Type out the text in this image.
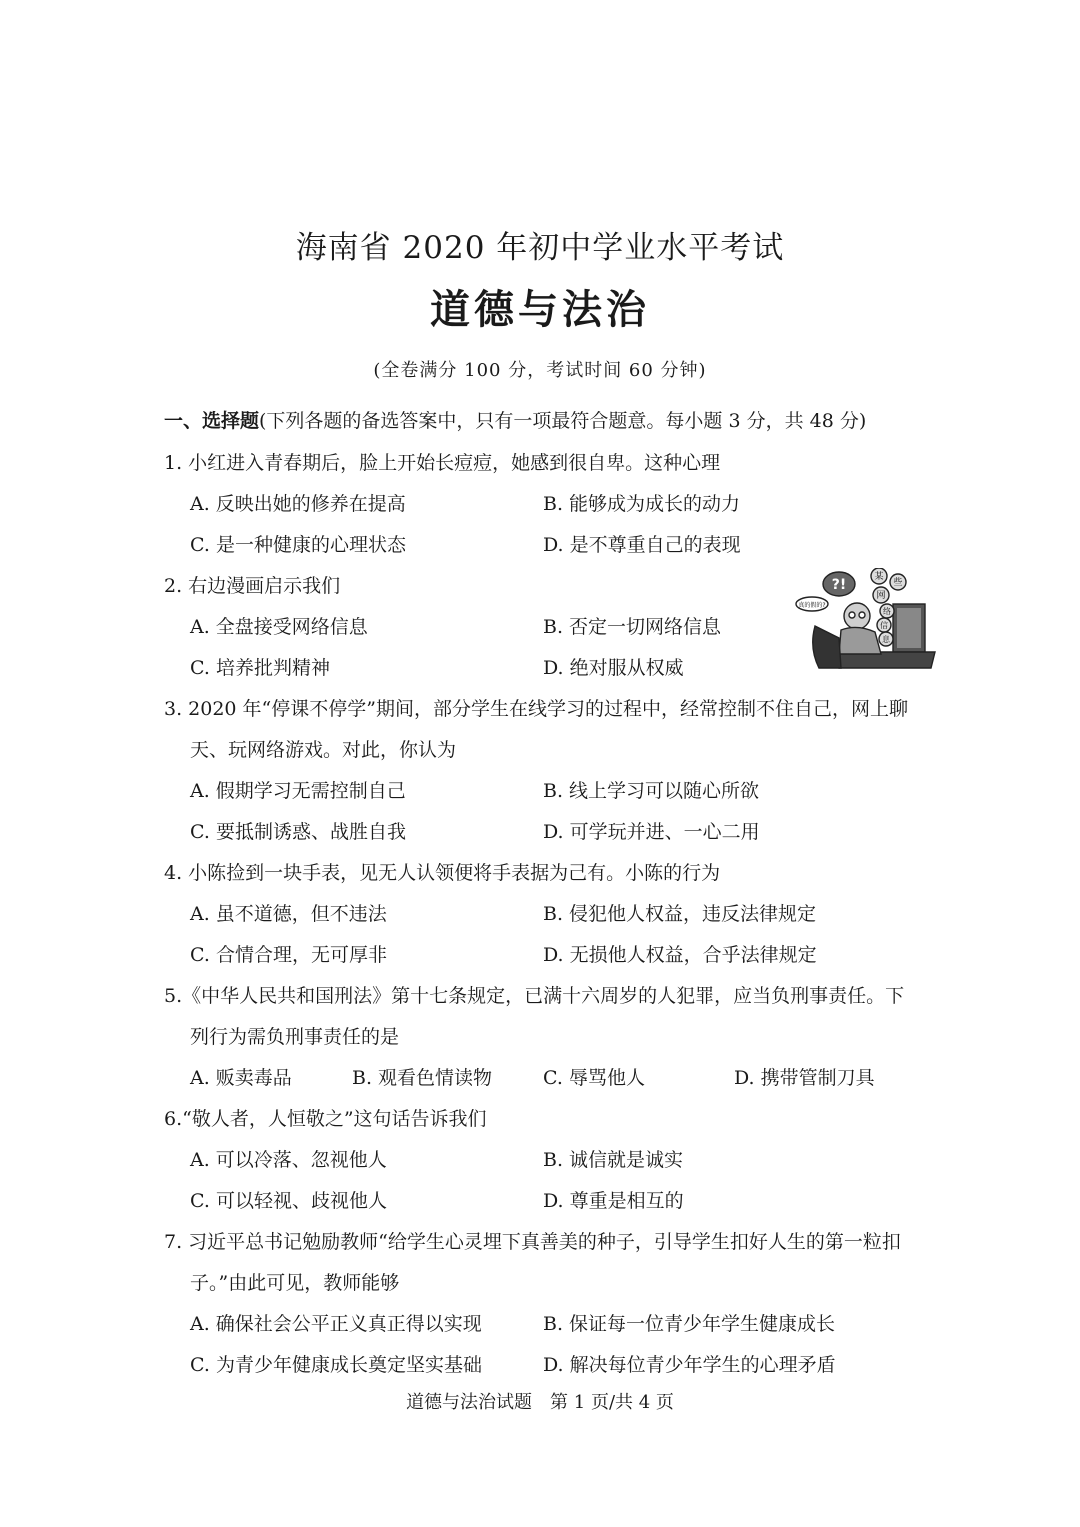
海南省 2020 年初中学业水平考试
道德与法治
(全卷满分 100 分，考试时间 60 分钟)
一、选择题(下列各题的备选答案中，只有一项最符合题意。每小题 3 分，共 48 分)
1. 小红进入青春期后，脸上开始长痘痘，她感到很自卑。这种心理
A. 反映出她的修养在提高	B. 能够成为成长的动力
C. 是一种健康的心理状态	D. 是不尊重自己的表现
2. 右边漫画启示我们
A. 全盘接受网络信息	B. 否定一切网络信息
C. 培养批判精神	D. 绝对服从权威
?!
真的假的?
某
些
网
络
信
息
3. 2020 年“停课不停学”期间，部分学生在线学习的过程中，经常控制不住自己，网上聊
天、玩网络游戏。对此，你认为
A. 假期学习无需控制自己	B. 线上学习可以随心所欲
C. 要抵制诱惑、战胜自我	D. 可学玩并进、一心二用
4. 小陈捡到一块手表，见无人认领便将手表据为己有。小陈的行为
A. 虽不道德，但不违法	B. 侵犯他人权益，违反法律规定
C. 合情合理，无可厚非	D. 无损他人权益，合乎法律规定
5.《中华人民共和国刑法》第十七条规定，已满十六周岁的人犯罪，应当负刑事责任。下
列行为需负刑事责任的是
A. 贩卖毒品	B. 观看色情读物	C. 辱骂他人	D. 携带管制刀具
6.“敬人者，人恒敬之”这句话告诉我们
A. 可以冷落、忽视他人	B. 诚信就是诚实
C. 可以轻视、歧视他人	D. 尊重是相互的
7. 习近平总书记勉励教师“给学生心灵埋下真善美的种子，引导学生扣好人生的第一粒扣
子。”由此可见，教师能够
A. 确保社会公平正义真正得以实现	B. 保证每一位青少年学生健康成长
C. 为青少年健康成长奠定坚实基础	D. 解决每位青少年学生的心理矛盾
道德与法治试题　第 1 页/共 4 页
